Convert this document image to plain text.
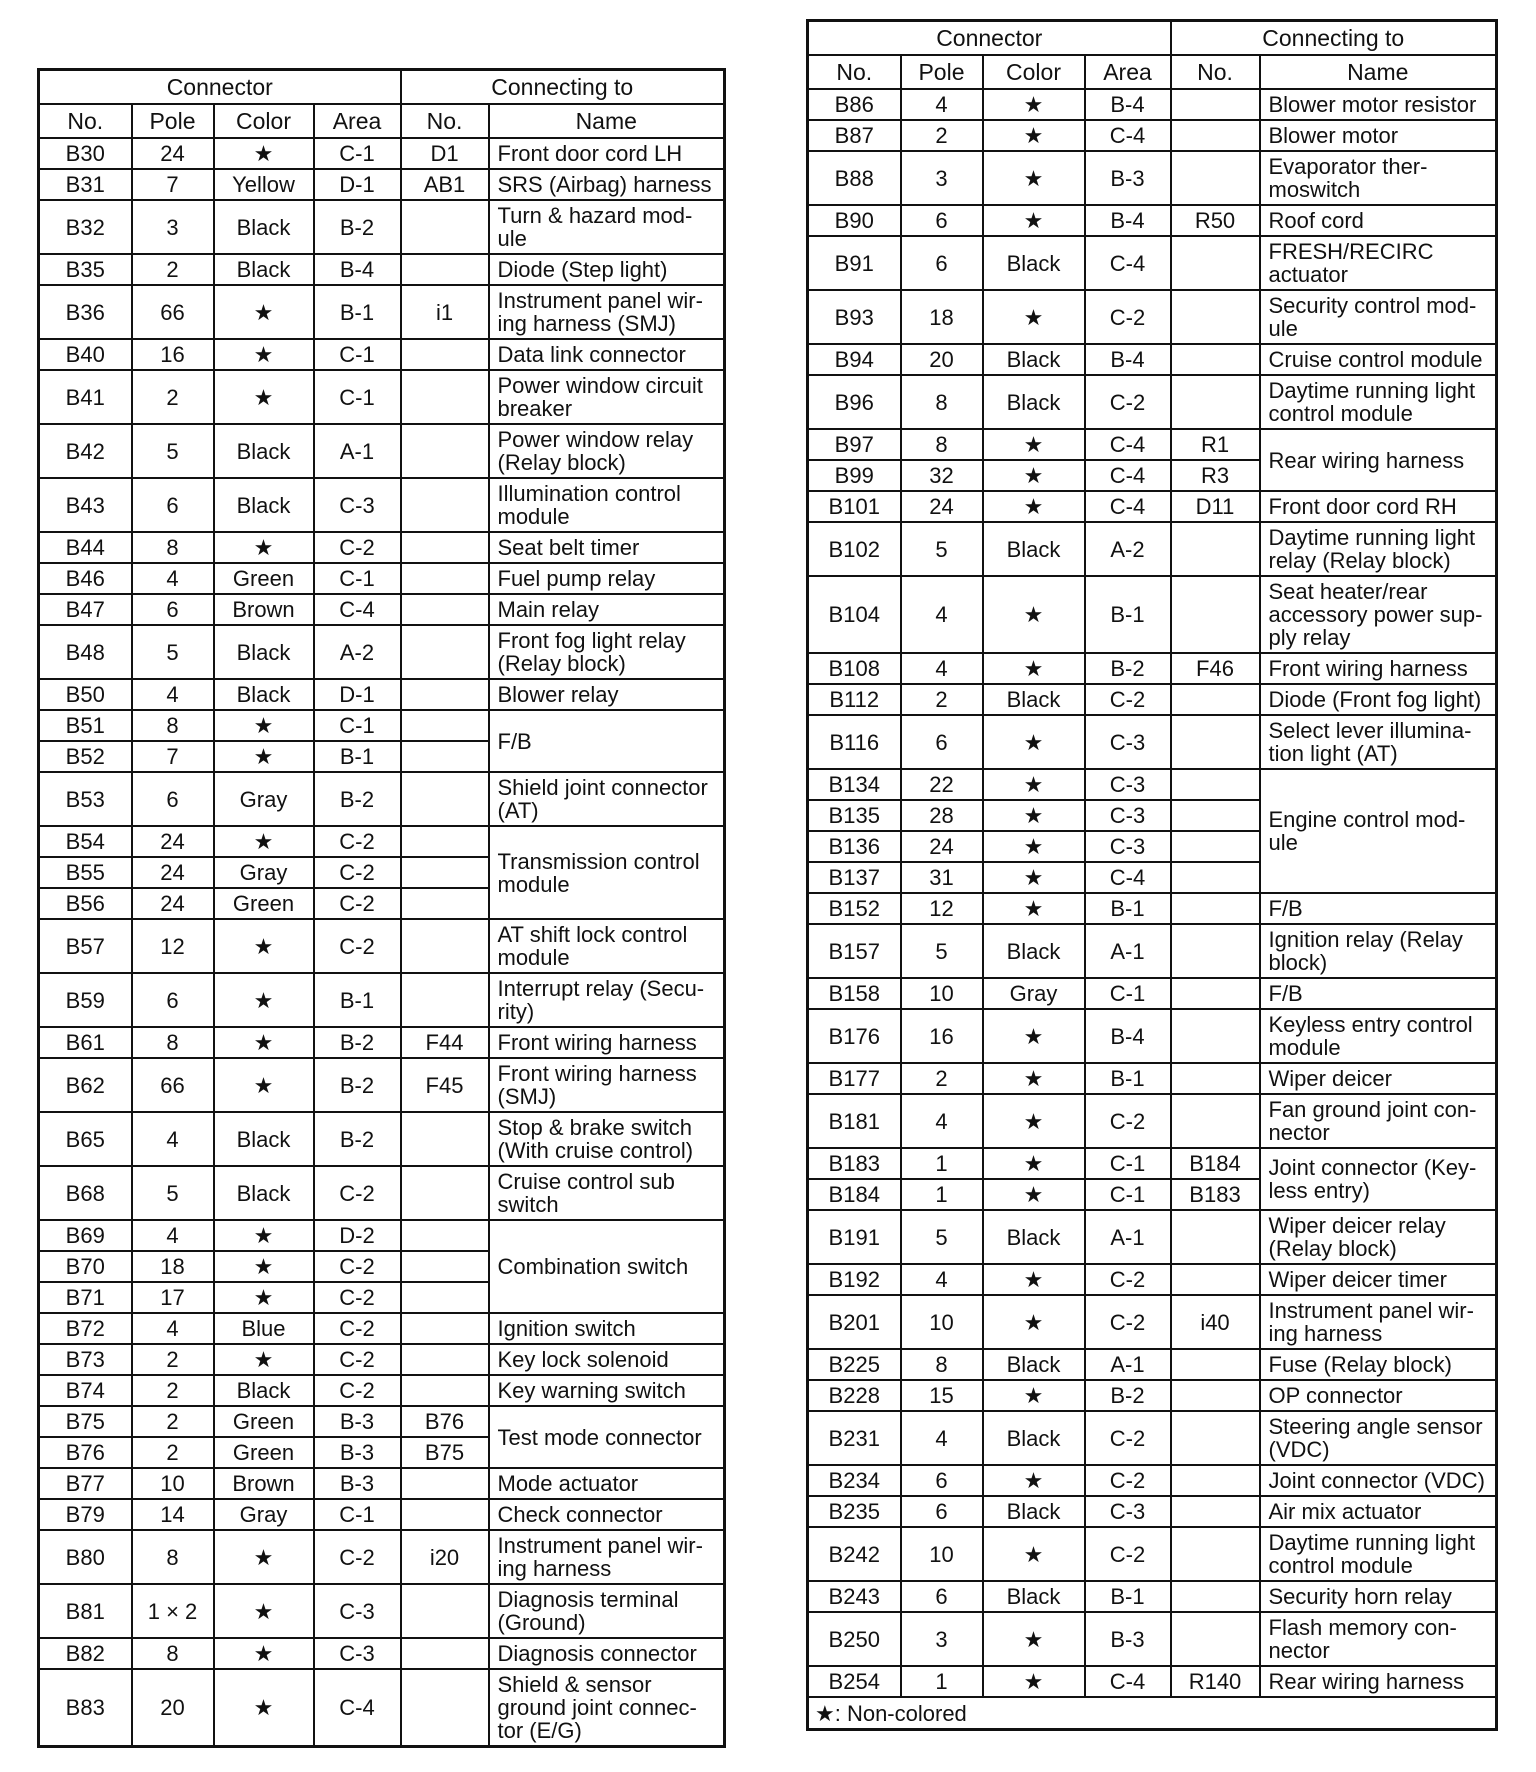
Connector				Connecting to	
No.	Pole	Color	Area	No.	Name
B30	24	★	C-1	D1	Front door cord LH
B31	7	Yellow	D-1	AB1	SRS (Airbag) harness
B32	3	Black	B-2		Turn & hazard mod-
ule
B35	2	Black	B-4		Diode (Step light)
B36	66	★	B-1	i1	Instrument panel wir-
ing harness (SMJ)
B40	16	★	C-1		Data link connector
B41	2	★	C-1		Power window circuit
breaker
B42	5	Black	A-1		Power window relay
(Relay block)
B43	6	Black	C-3		Illumination control
module
B44	8	★	C-2		Seat belt timer
B46	4	Green	C-1		Fuel pump relay
B47	6	Brown	C-4		Main relay
B48	5	Black	A-2		Front fog light relay
(Relay block)
B50	4	Black	D-1		Blower relay
B51	8	★	C-1		F/B
B52	7	★	B-1		
B53	6	Gray	B-2		Shield joint connector
(AT)
B54	24	★	C-2		Transmission control
module
B55	24	Gray	C-2		
B56	24	Green	C-2		
B57	12	★	C-2		AT shift lock control
module
B59	6	★	B-1		Interrupt relay (Secu-
rity)
B61	8	★	B-2	F44	Front wiring harness
B62	66	★	B-2	F45	Front wiring harness
(SMJ)
B65	4	Black	B-2		Stop & brake switch
(With cruise control)
B68	5	Black	C-2		Cruise control sub
switch
B69	4	★	D-2		Combination switch
B70	18	★	C-2		
B71	17	★	C-2		
B72	4	Blue	C-2		Ignition switch
B73	2	★	C-2		Key lock solenoid
B74	2	Black	C-2		Key warning switch
B75	2	Green	B-3	B76	Test mode connector
B76	2	Green	B-3	B75	
B77	10	Brown	B-3		Mode actuator
B79	14	Gray	C-1		Check connector
B80	8	★	C-2	i20	Instrument panel wir-
ing harness
B81	1 × 2	★	C-3		Diagnosis terminal
(Ground)
B82	8	★	C-3		Diagnosis connector
B83	20	★	C-4		Shield & sensor
ground joint connec-
tor (E/G)
Connector				Connecting to	
No.	Pole	Color	Area	No.	Name
B86	4	★	B-4		Blower motor resistor
B87	2	★	C-4		Blower motor
B88	3	★	B-3		Evaporator ther-
moswitch
B90	6	★	B-4	R50	Roof cord
B91	6	Black	C-4		FRESH/RECIRC
actuator
B93	18	★	C-2		Security control mod-
ule
B94	20	Black	B-4		Cruise control module
B96	8	Black	C-2		Daytime running light
control module
B97	8	★	C-4	R1	Rear wiring harness
B99	32	★	C-4	R3	
B101	24	★	C-4	D11	Front door cord RH
B102	5	Black	A-2		Daytime running light
relay (Relay block)
B104	4	★	B-1		Seat heater/rear
accessory power sup-
ply relay
B108	4	★	B-2	F46	Front wiring harness
B112	2	Black	C-2		Diode (Front fog light)
B116	6	★	C-3		Select lever illumina-
tion light (AT)
B134	22	★	C-3		Engine control mod-
ule
B135	28	★	C-3		
B136	24	★	C-3		
B137	31	★	C-4		
B152	12	★	B-1		F/B
B157	5	Black	A-1		Ignition relay (Relay
block)
B158	10	Gray	C-1		F/B
B176	16	★	B-4		Keyless entry control
module
B177	2	★	B-1		Wiper deicer
B181	4	★	C-2		Fan ground joint con-
nector
B183	1	★	C-1	B184	Joint connector (Key-
less entry)
B184	1	★	C-1	B183	
B191	5	Black	A-1		Wiper deicer relay
(Relay block)
B192	4	★	C-2		Wiper deicer timer
B201	10	★	C-2	i40	Instrument panel wir-
ing harness
B225	8	Black	A-1		Fuse (Relay block)
B228	15	★	B-2		OP connector
B231	4	Black	C-2		Steering angle sensor
(VDC)
B234	6	★	C-2		Joint connector (VDC)
B235	6	Black	C-3		Air mix actuator
B242	10	★	C-2		Daytime running light
control module
B243	6	Black	B-1		Security horn relay
B250	3	★	B-3		Flash memory con-
nector
B254	1	★	C-4	R140	Rear wiring harness
★: Non-colored					
